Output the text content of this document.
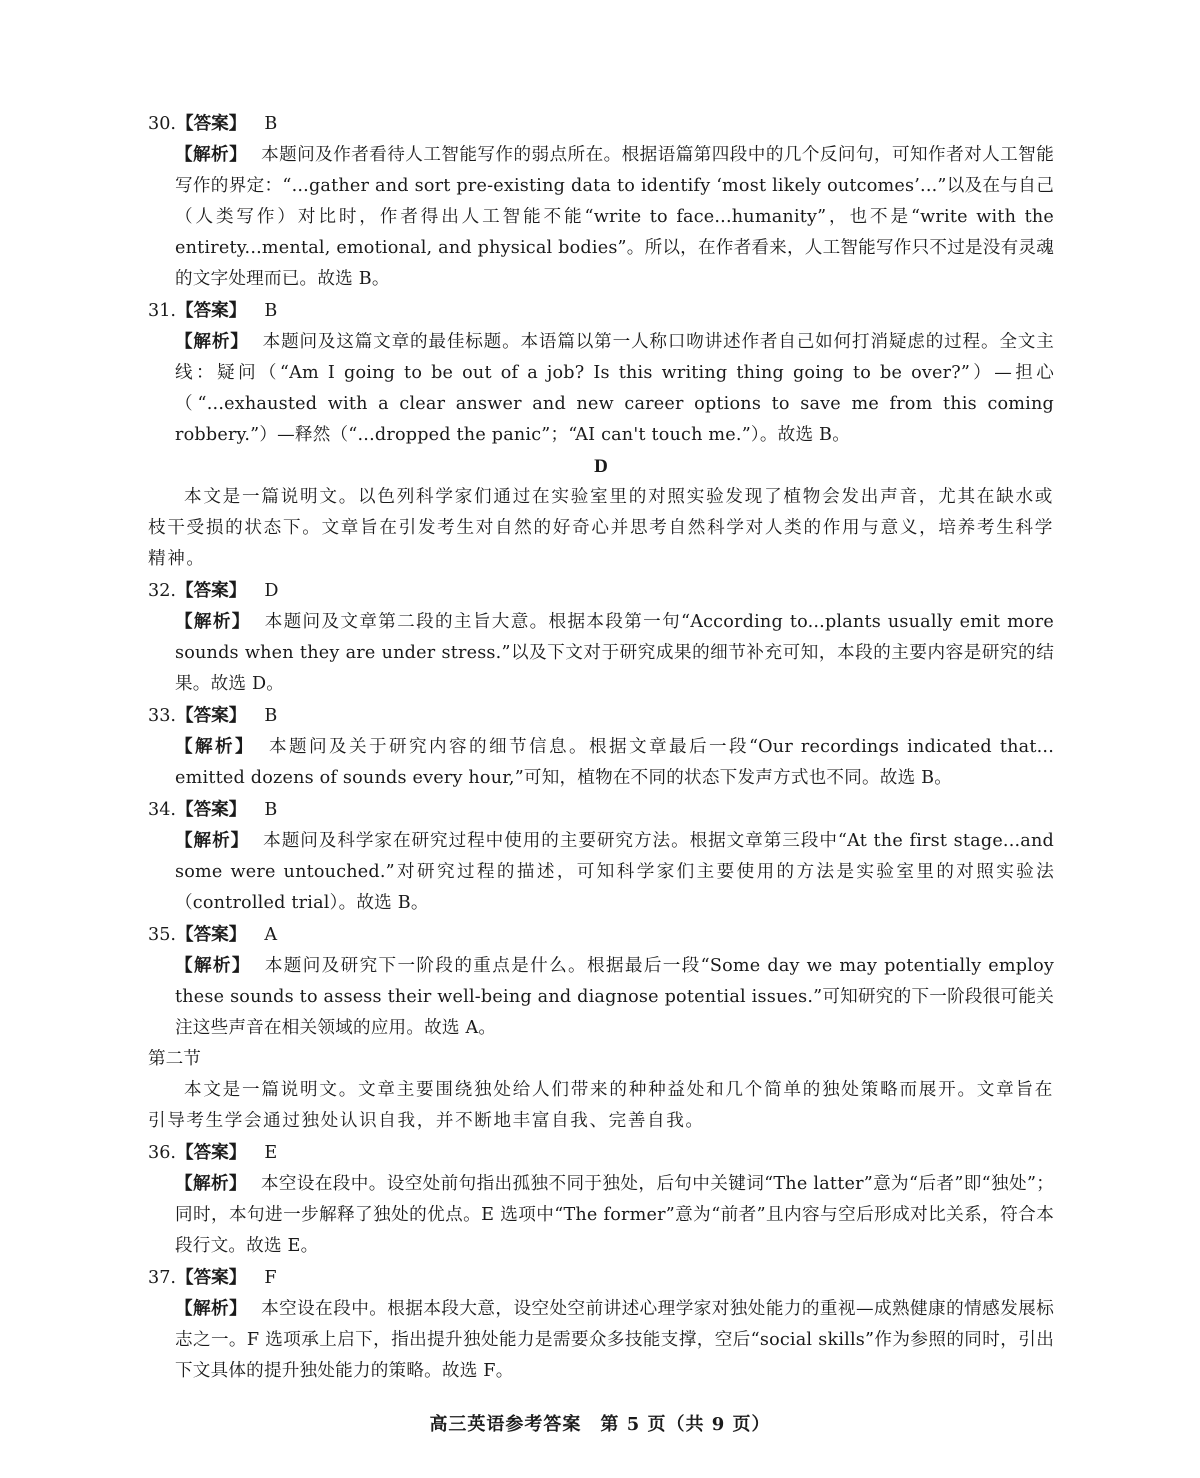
30.【答案】 B
【解析】 本题问及作者看待人工智能写作的弱点所在。根据语篇第四段中的几个反问句，可知作者对人工智能写作的界定：“...gather and sort pre-existing data to identify ‘most likely outcomes’...”以及在与自己（人类写作）对比时，作者得出人工智能不能“write to face...humanity”，也不是“write with the entirety...mental, emotional, and physical bodies”。所以，在作者看来，人工智能写作只不过是没有灵魂的文字处理而已。故选 B。
31.【答案】 B
【解析】 本题问及这篇文章的最佳标题。本语篇以第一人称口吻讲述作者自己如何打消疑虑的过程。全文主线：疑问（“Am I going to be out of a job? Is this writing thing going to be over?”）—担心（“...exhausted with a clear answer and new career options to save me from this coming robbery.”）—释然（“...dropped the panic”；“AI can't touch me.”）。故选 B。
D
本文是一篇说明文。以色列科学家们通过在实验室里的对照实验发现了植物会发出声音，尤其在缺水或枝干受损的状态下。文章旨在引发考生对自然的好奇心并思考自然科学对人类的作用与意义，培养考生科学精神。
32.【答案】 D
【解析】 本题问及文章第二段的主旨大意。根据本段第一句“According to...plants usually emit more sounds when they are under stress.”以及下文对于研究成果的细节补充可知，本段的主要内容是研究的结果。故选 D。
33.【答案】 B
【解析】 本题问及关于研究内容的细节信息。根据文章最后一段“Our recordings indicated that... emitted dozens of sounds every hour,”可知，植物在不同的状态下发声方式也不同。故选 B。
34.【答案】 B
【解析】 本题问及科学家在研究过程中使用的主要研究方法。根据文章第三段中“At the first stage...and some were untouched.”对研究过程的描述，可知科学家们主要使用的方法是实验室里的对照实验法（controlled trial）。故选 B。
35.【答案】 A
【解析】 本题问及研究下一阶段的重点是什么。根据最后一段“Some day we may potentially employ these sounds to assess their well-being and diagnose potential issues.”可知研究的下一阶段很可能关注这些声音在相关领域的应用。故选 A。
第二节
本文是一篇说明文。文章主要围绕独处给人们带来的种种益处和几个简单的独处策略而展开。文章旨在引导考生学会通过独处认识自我，并不断地丰富自我、完善自我。
36.【答案】 E
【解析】 本空设在段中。设空处前句指出孤独不同于独处，后句中关键词“The latter”意为“后者”即“独处”；同时，本句进一步解释了独处的优点。E 选项中“The former”意为“前者”且内容与空后形成对比关系，符合本段行文。故选 E。
37.【答案】 F
【解析】 本空设在段中。根据本段大意，设空处空前讲述心理学家对独处能力的重视—成熟健康的情感发展标志之一。F 选项承上启下，指出提升独处能力是需要众多技能支撑，空后“social skills”作为参照的同时，引出下文具体的提升独处能力的策略。故选 F。
高三英语参考答案　第 5 页（共 9 页）
